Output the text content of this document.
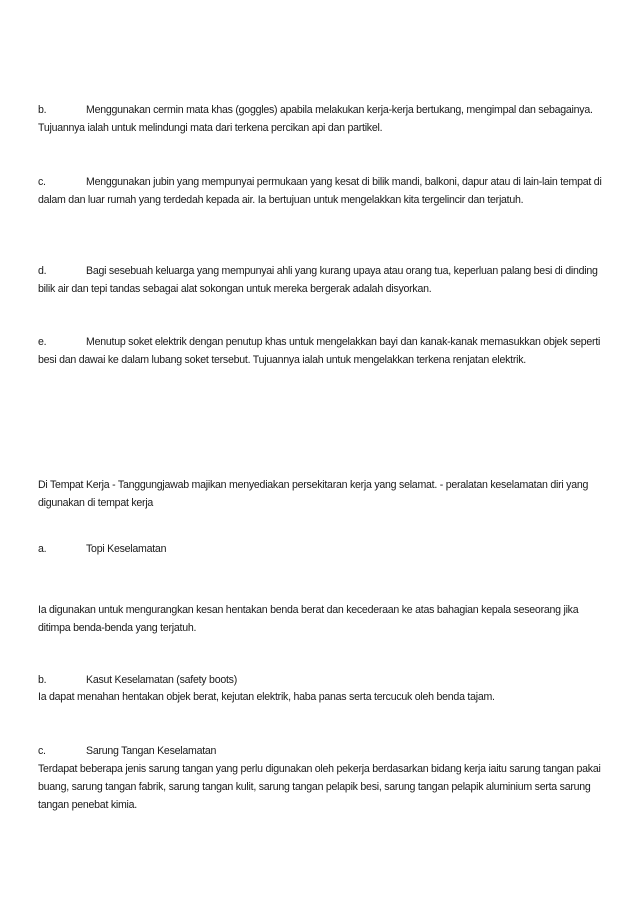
b.	Menggunakan cermin mata khas (goggles) apabila melakukan kerja-kerja bertukang, mengimpal dan sebagainya. Tujuannya ialah untuk melindungi mata dari terkena percikan api dan partikel.

c.	Menggunakan jubin yang mempunyai permukaan yang kesat di bilik mandi, balkoni, dapur atau di lain-lain tempat di dalam dan luar rumah yang terdedah kepada air. Ia bertujuan untuk mengelakkan kita tergelincir dan terjatuh.

d.	Bagi sesebuah keluarga yang mempunyai ahli yang kurang upaya atau orang tua, keperluan palang besi di dinding bilik air dan tepi tandas sebagai alat sokongan untuk mereka bergerak adalah disyorkan.

e.	Menutup soket elektrik dengan penutup khas untuk mengelakkan bayi dan kanak-kanak memasukkan objek seperti besi dan dawai ke dalam lubang soket tersebut. Tujuannya ialah untuk mengelakkan terkena renjatan elektrik.

Di Tempat Kerja - Tanggungjawab majikan menyediakan persekitaran kerja yang selamat. - peralatan keselamatan diri yang digunakan di tempat kerja

a.	Topi Keselamatan

Ia digunakan untuk mengurangkan kesan hentakan benda berat dan kecederaan ke atas bahagian kepala seseorang jika ditimpa benda-benda yang terjatuh.

b.	Kasut Keselamatan (safety boots)

Ia dapat menahan hentakan objek berat, kejutan elektrik, haba panas serta tercucuk oleh benda tajam.

c.	Sarung Tangan Keselamatan

Terdapat beberapa jenis sarung tangan yang perlu digunakan oleh pekerja berdasarkan bidang kerja iaitu sarung tangan pakai buang, sarung tangan fabrik, sarung tangan kulit, sarung tangan pelapik besi, sarung tangan pelapik aluminium serta sarung tangan penebat kimia.
